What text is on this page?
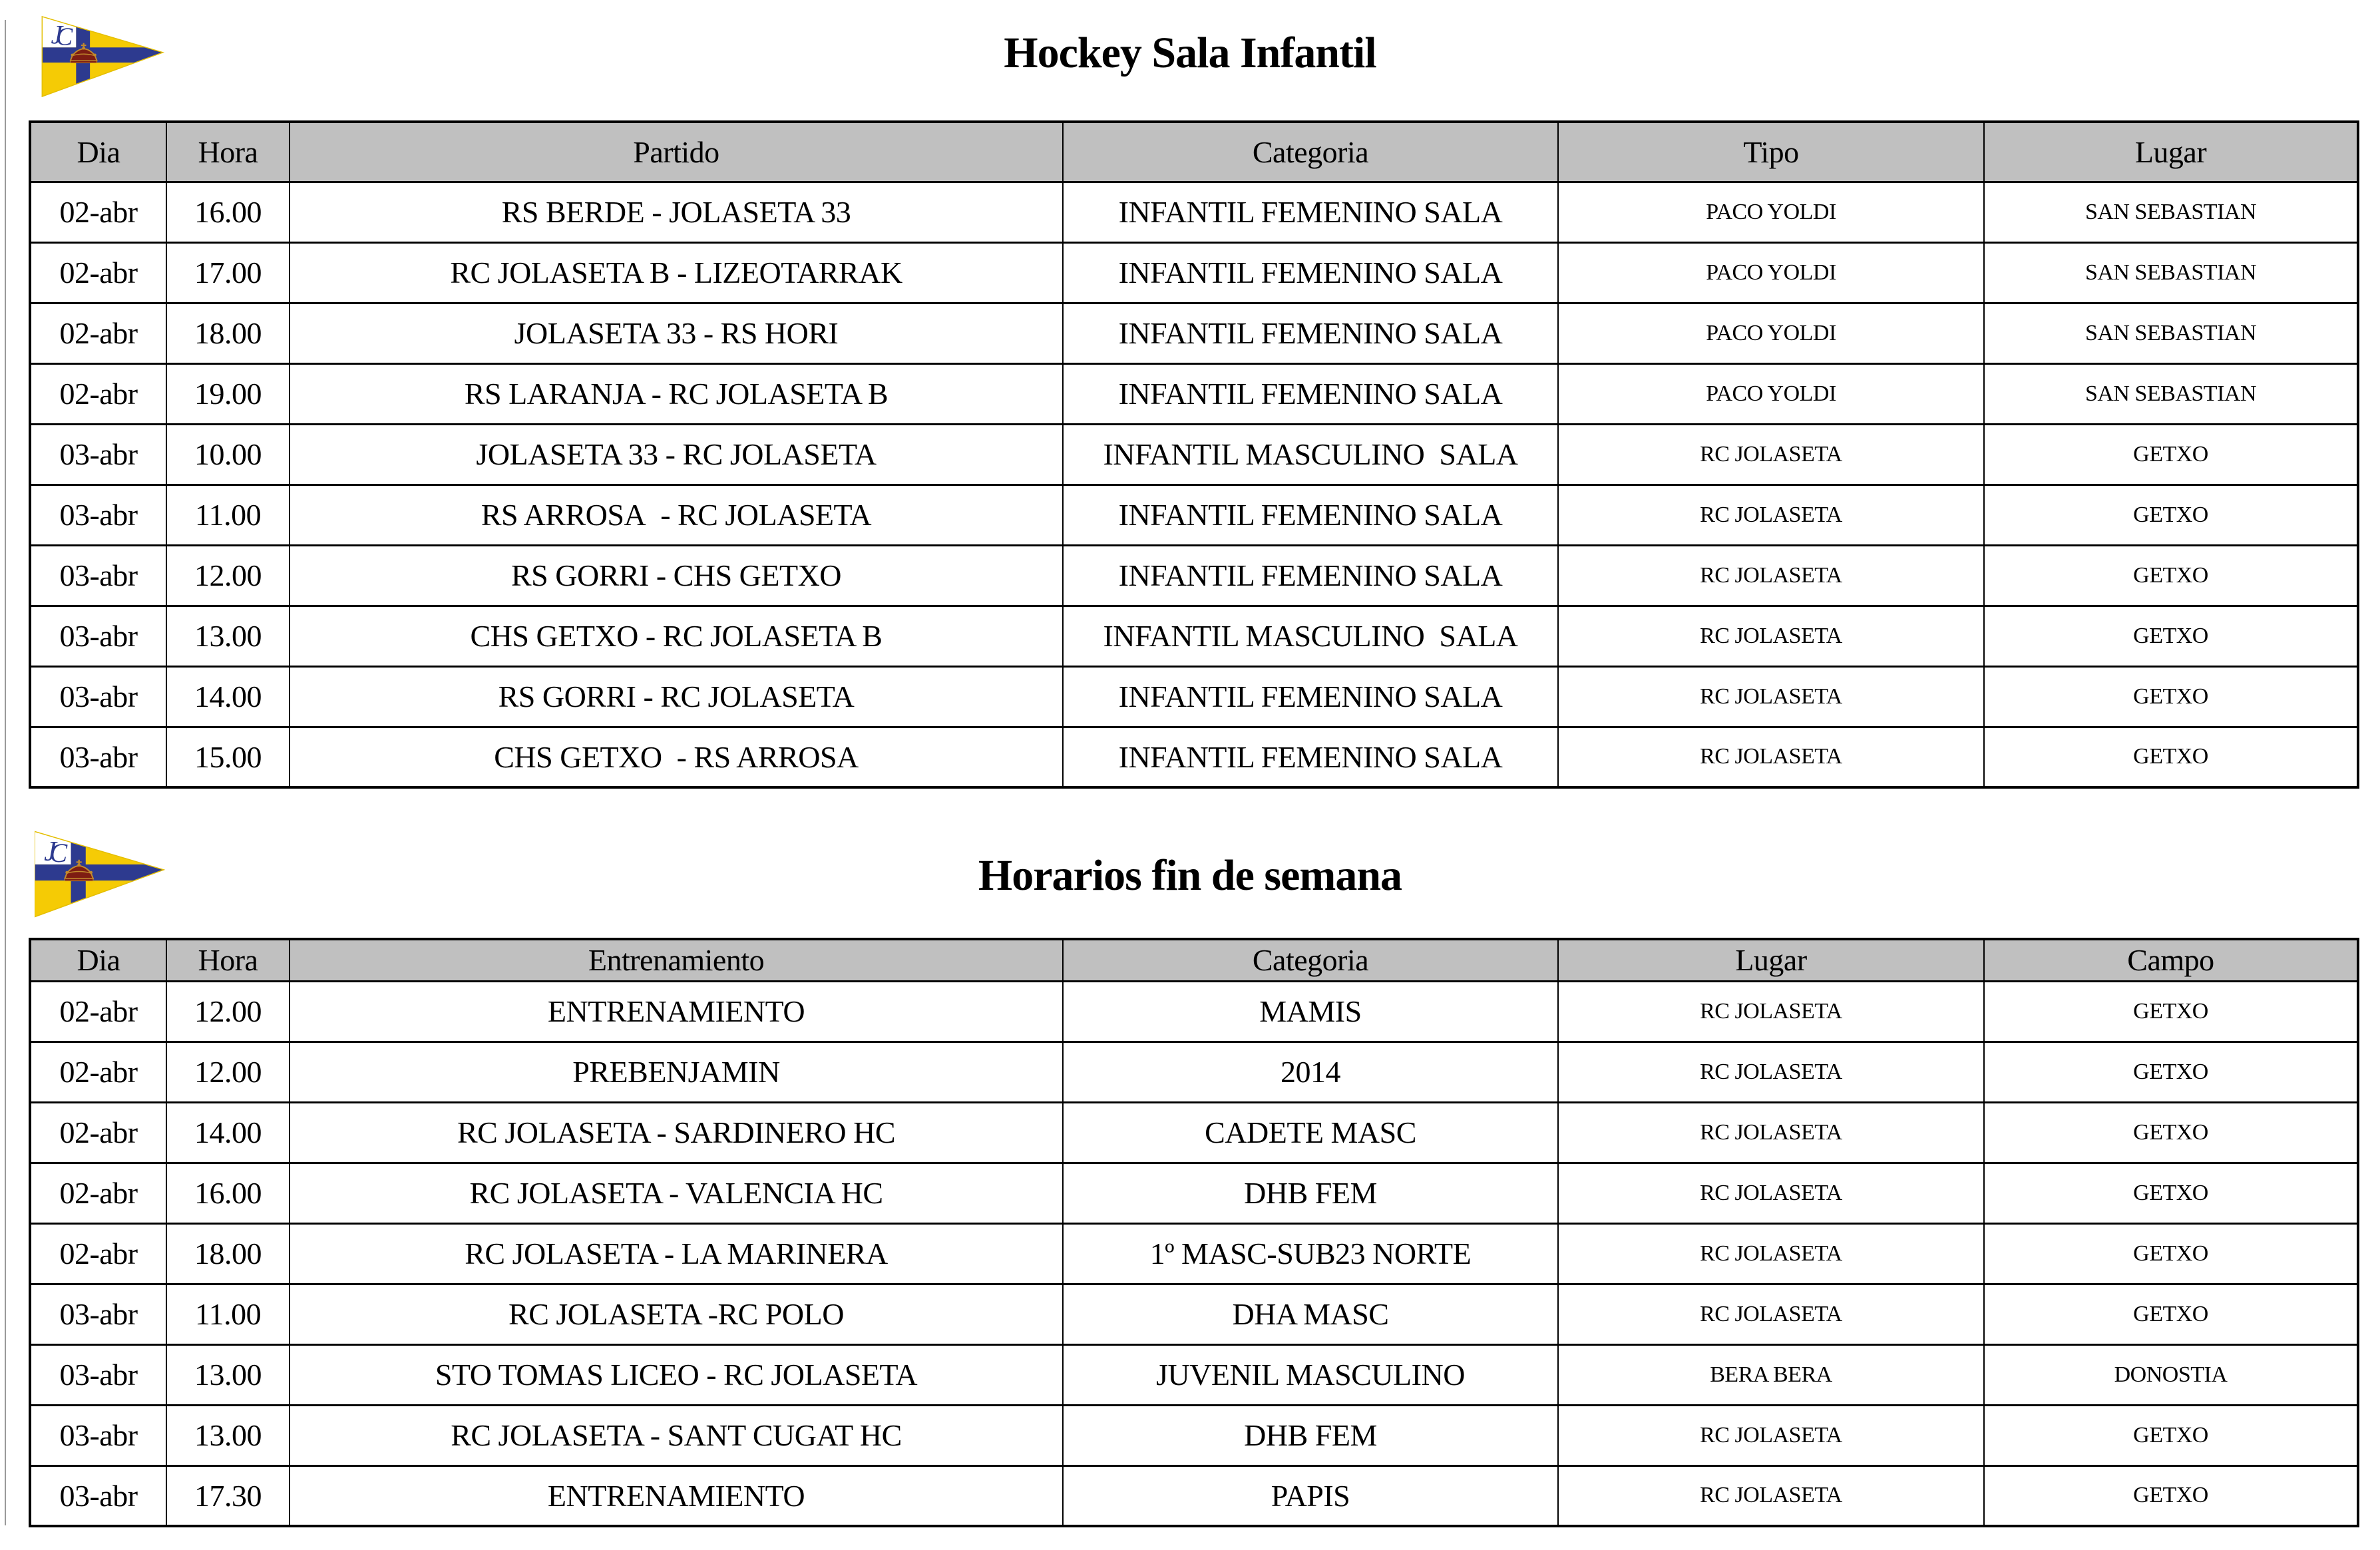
Hockey Sala Infantil
Dia	Hora	Partido	Categoria	Tipo	Lugar
02-abr	16.00	RS BERDE - JOLASETA 33	INFANTIL FEMENINO SALA	PACO YOLDI	SAN SEBASTIAN
02-abr	17.00	RC JOLASETA B - LIZEOTARRAK	INFANTIL FEMENINO SALA	PACO YOLDI	SAN SEBASTIAN
02-abr	18.00	JOLASETA 33 - RS HORI	INFANTIL FEMENINO SALA	PACO YOLDI	SAN SEBASTIAN
02-abr	19.00	RS LARANJA - RC JOLASETA B	INFANTIL FEMENINO SALA	PACO YOLDI	SAN SEBASTIAN
03-abr	10.00	JOLASETA 33 - RC JOLASETA	INFANTIL MASCULINO  SALA	RC JOLASETA	GETXO
03-abr	11.00	RS ARROSA  - RC JOLASETA	INFANTIL FEMENINO SALA	RC JOLASETA	GETXO
03-abr	12.00	RS GORRI - CHS GETXO	INFANTIL FEMENINO SALA	RC JOLASETA	GETXO
03-abr	13.00	CHS GETXO - RC JOLASETA B	INFANTIL MASCULINO  SALA	RC JOLASETA	GETXO
03-abr	14.00	RS GORRI - RC JOLASETA	INFANTIL FEMENINO SALA	RC JOLASETA	GETXO
03-abr	15.00	CHS GETXO  - RS ARROSA	INFANTIL FEMENINO SALA	RC JOLASETA	GETXO
Horarios fin de semana
Dia	Hora	Entrenamiento	Categoria	Lugar	Campo
02-abr	12.00	ENTRENAMIENTO	MAMIS	RC JOLASETA	GETXO
02-abr	12.00	PREBENJAMIN	2014	RC JOLASETA	GETXO
02-abr	14.00	RC JOLASETA - SARDINERO HC	CADETE MASC	RC JOLASETA	GETXO
02-abr	16.00	RC JOLASETA - VALENCIA HC	DHB FEM	RC JOLASETA	GETXO
02-abr	18.00	RC JOLASETA - LA MARINERA	1º MASC-SUB23 NORTE	RC JOLASETA	GETXO
03-abr	11.00	RC JOLASETA -RC POLO	DHA MASC	RC JOLASETA	GETXO
03-abr	13.00	STO TOMAS LICEO - RC JOLASETA	JUVENIL MASCULINO	BERA BERA	DONOSTIA
03-abr	13.00	RC JOLASETA - SANT CUGAT HC	DHB FEM	RC JOLASETA	GETXO
03-abr	17.30	ENTRENAMIENTO	PAPIS	RC JOLASETA	GETXO
